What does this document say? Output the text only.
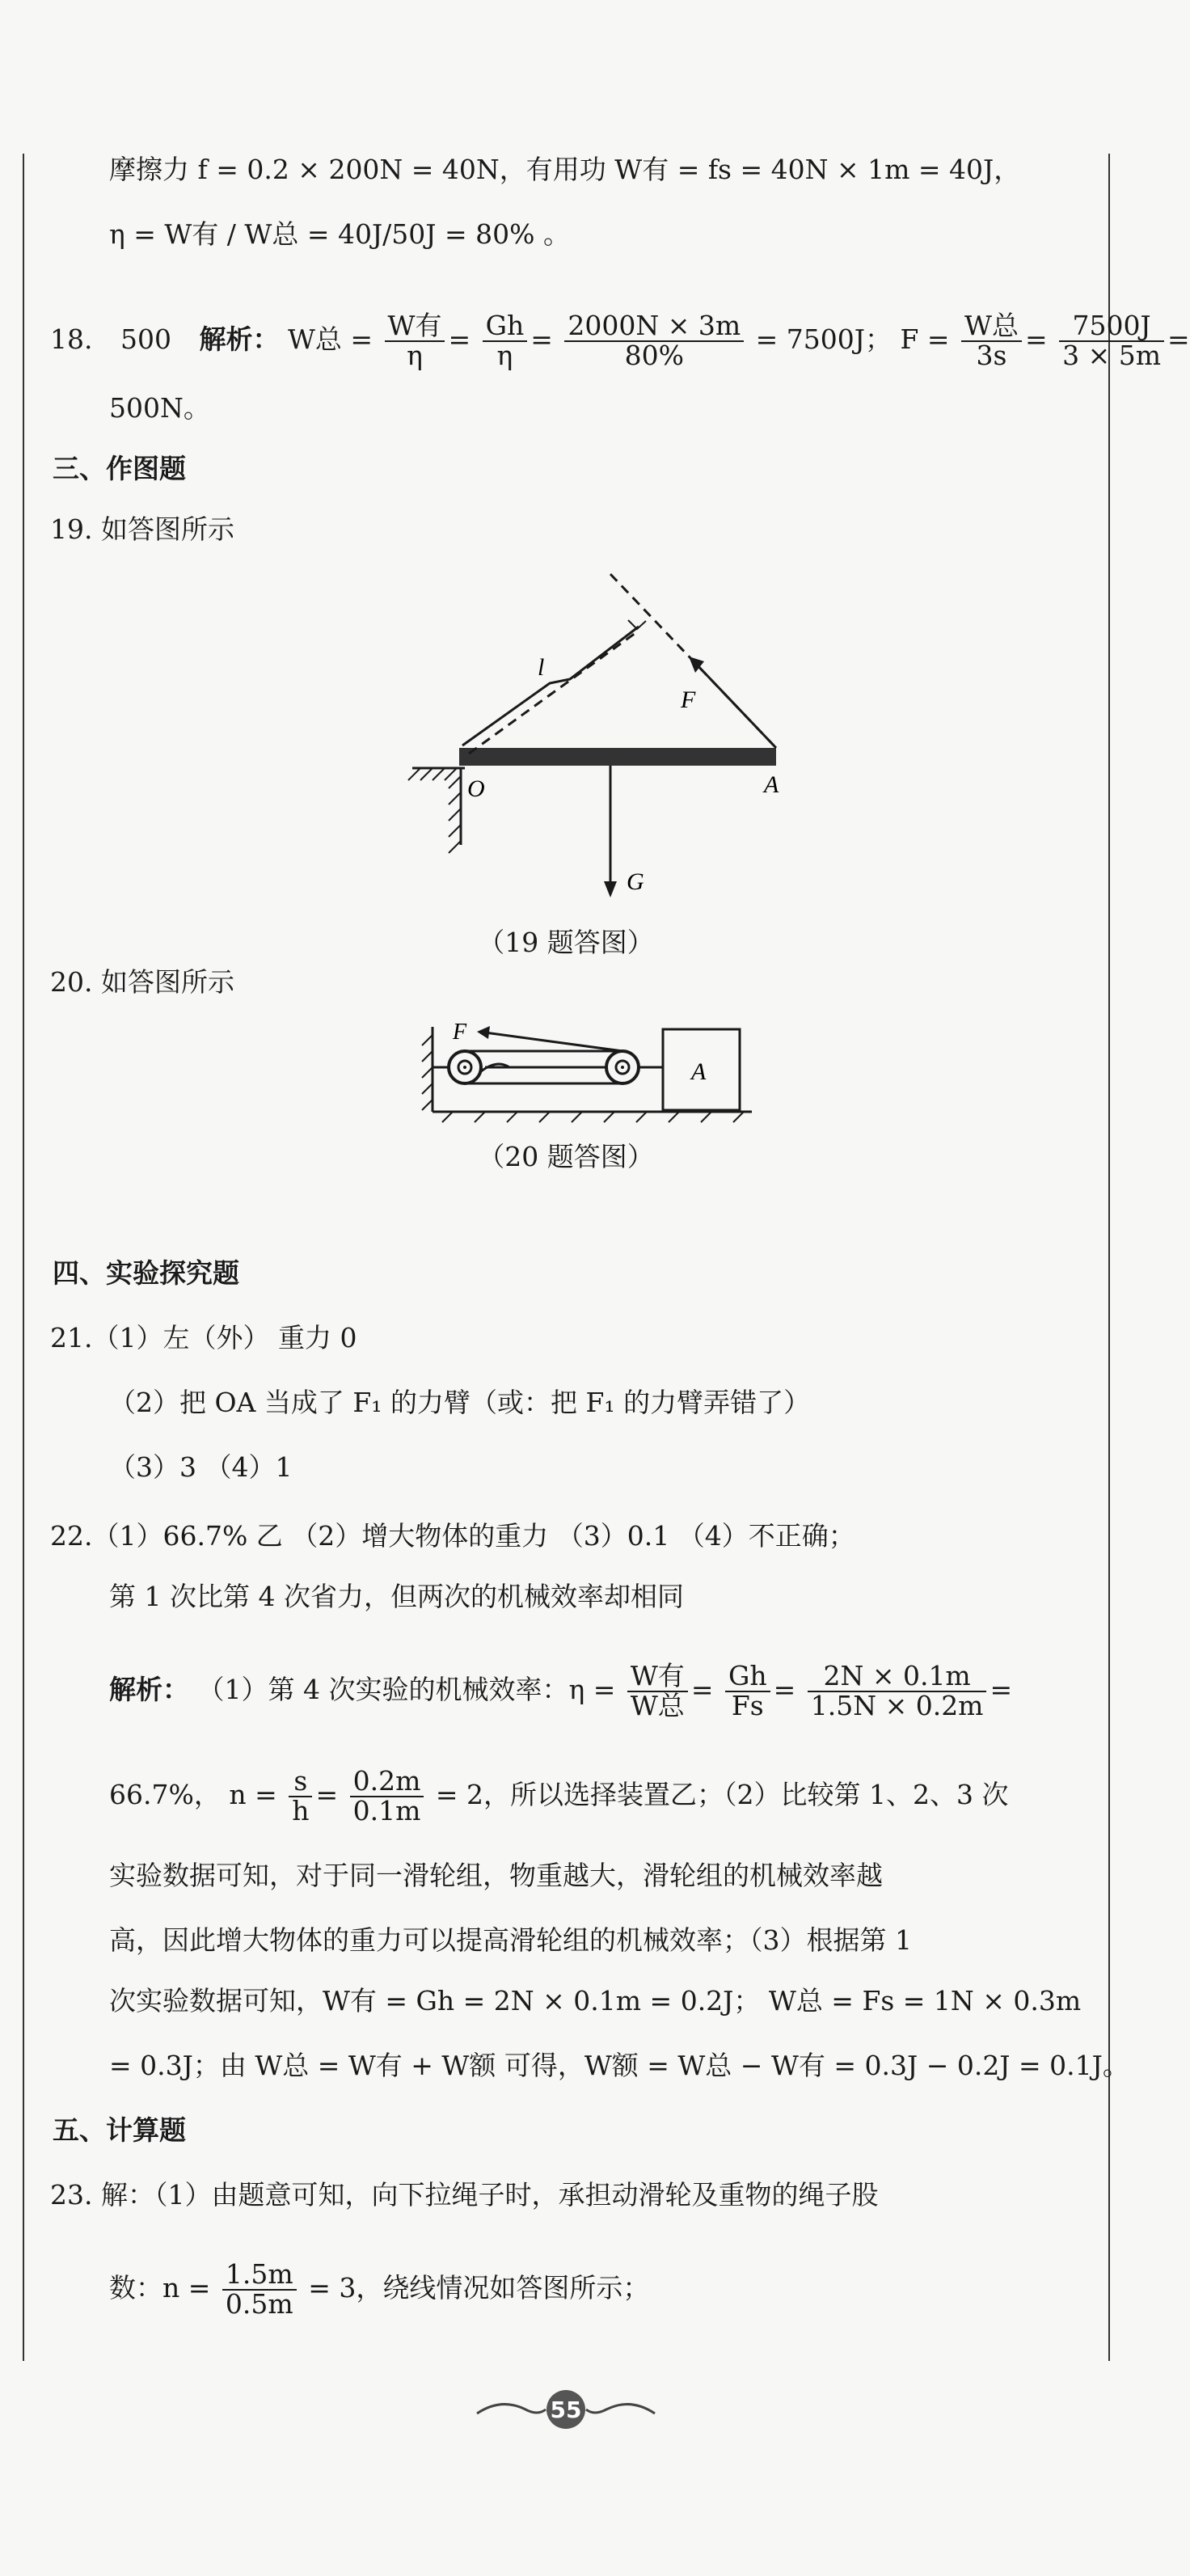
摩擦力 f = 0.2 × 200N = 40N，有用功 W有 = fs = 40N × 1m = 40J，
η = W有 / W总 = 40J/50J = 80% 。
18. 500 解析： W总 = $\frac{\text{W有}}{\eta} = \frac{Gh}{\eta} = \frac{2000N \times 3m}{80\%} = 7500J$； $F = \frac{\text{W总}}{3s} = \frac{7500J}{3 \times 5m}$ =
500N。
三、作图题
19. 如答图所示
l
F
O	A
G
（19 题答图）
20. 如答图所示
F
A
（20 题答图）
四、实验探究题
21.（1）左（外） 重力 0
（2）把 OA 当成了 F₁ 的力臂（或：把 F₁ 的力臂弄错了）
（3）3 （4）1
22.（1）66.7% 乙 （2）增大物体的重力 （3）0.1 （4）不正确；
第 1 次比第 4 次省力，但两次的机械效率却相同
解析： （1）第 4 次实验的机械效率：$\eta = \frac{\text{W有}}{\text{W总}} = \frac{Gh}{Fs} = \frac{2N \times 0.1m}{1.5N \times 0.2m}$ =
66.7%， $n = \frac{s}{h} = \frac{0.2m}{0.1m} = 2$，所以选择装置乙；（2）比较第 1、2、3 次
实验数据可知，对于同一滑轮组，物重越大，滑轮组的机械效率越
高，因此增大物体的重力可以提高滑轮组的机械效率；（3）根据第 1
次实验数据可知，W有 = Gh = 2N × 0.1m = 0.2J； W总 = Fs = 1N × 0.3m
= 0.3J；由 W总 = W有 + W额 可得，W额 = W总 − W有 = 0.3J − 0.2J = 0.1J。
五、计算题
23. 解：（1）由题意可知，向下拉绳子时，承担动滑轮及重物的绳子股
数：$n = \frac{1.5m}{0.5m} = 3$，绕线情况如答图所示；
55
